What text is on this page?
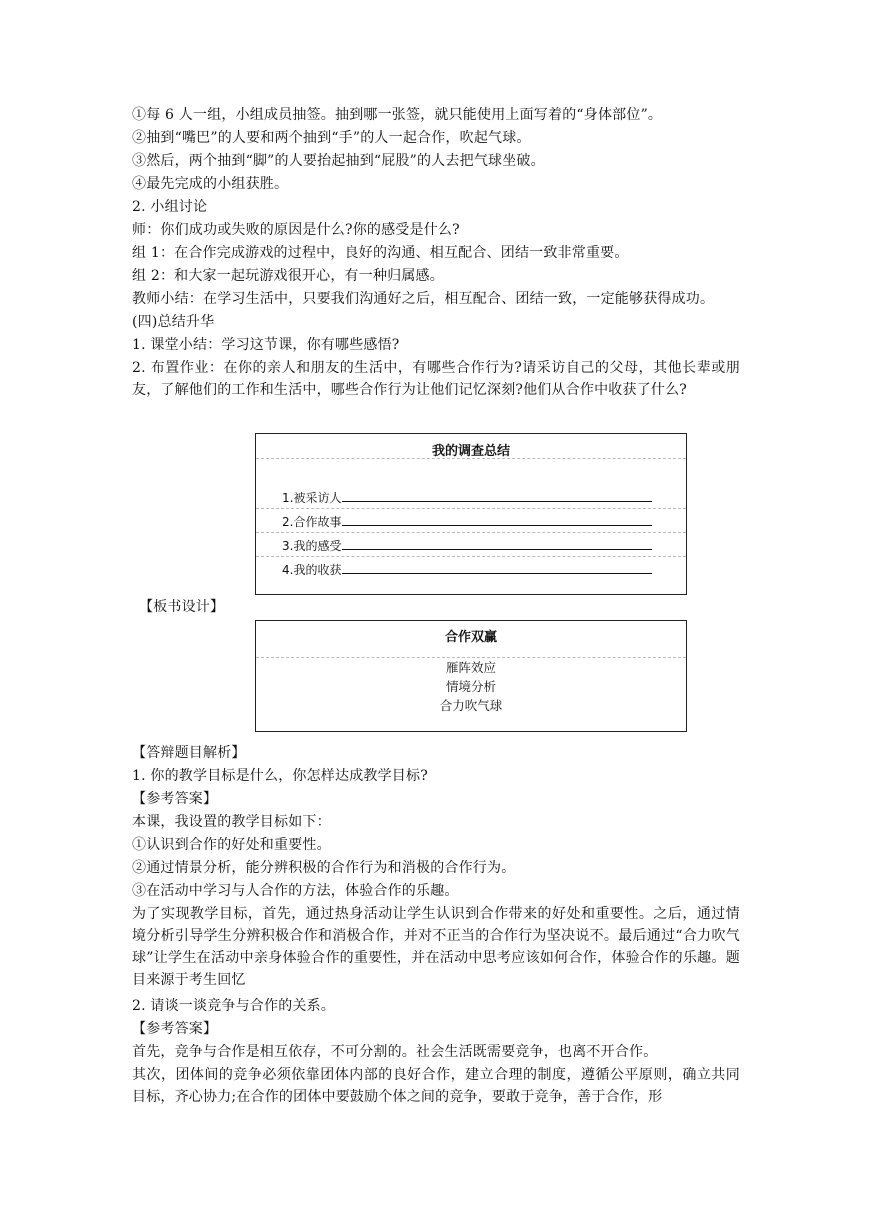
①每 6 人一组，小组成员抽签。抽到哪一张签，就只能使用上面写着的“身体部位”。
②抽到“嘴巴”的人要和两个抽到“手”的人一起合作，吹起气球。
③然后，两个抽到“脚”的人要抬起抽到“屁股”的人去把气球坐破。
④最先完成的小组获胜。
2. 小组讨论
师：你们成功或失败的原因是什么?你的感受是什么?
组 1：在合作完成游戏的过程中，良好的沟通、相互配合、团结一致非常重要。
组 2：和大家一起玩游戏很开心，有一种归属感。
教师小结：在学习生活中，只要我们沟通好之后，相互配合、团结一致，一定能够获得成功。
(四)总结升华
1. 课堂小结：学习这节课，你有哪些感悟?
2. 布置作业：在你的亲人和朋友的生活中，有哪些合作行为?请采访自己的父母，其他长辈或朋友，了解他们的工作和生活中，哪些合作行为让他们记忆深刻?他们从合作中收获了什么?
我的调查总结
1.被采访人
2.合作故事
3.我的感受
4.我的收获
【板书设计】
合作双赢
雁阵效应
情境分析
合力吹气球
【答辩题目解析】
1. 你的教学目标是什么，你怎样达成教学目标?
【参考答案】
本课，我设置的教学目标如下：
①认识到合作的好处和重要性。
②通过情景分析，能分辨积极的合作行为和消极的合作行为。
③在活动中学习与人合作的方法，体验合作的乐趣。
为了实现教学目标，首先，通过热身活动让学生认识到合作带来的好处和重要性。之后，通过情境分析引导学生分辨积极合作和消极合作，并对不正当的合作行为坚决说不。最后通过“合力吹气球”让学生在活动中亲身体验合作的重要性，并在活动中思考应该如何合作，体验合作的乐趣。题目来源于考生回忆
2. 请谈一谈竞争与合作的关系。
【参考答案】
首先，竞争与合作是相互依存，不可分割的。社会生活既需要竞争，也离不开合作。
其次，团体间的竞争必须依靠团体内部的良好合作，建立合理的制度，遵循公平原则，确立共同目标，齐心协力;在合作的团体中要鼓励个体之间的竞争，要敢于竞争，善于合作，形
